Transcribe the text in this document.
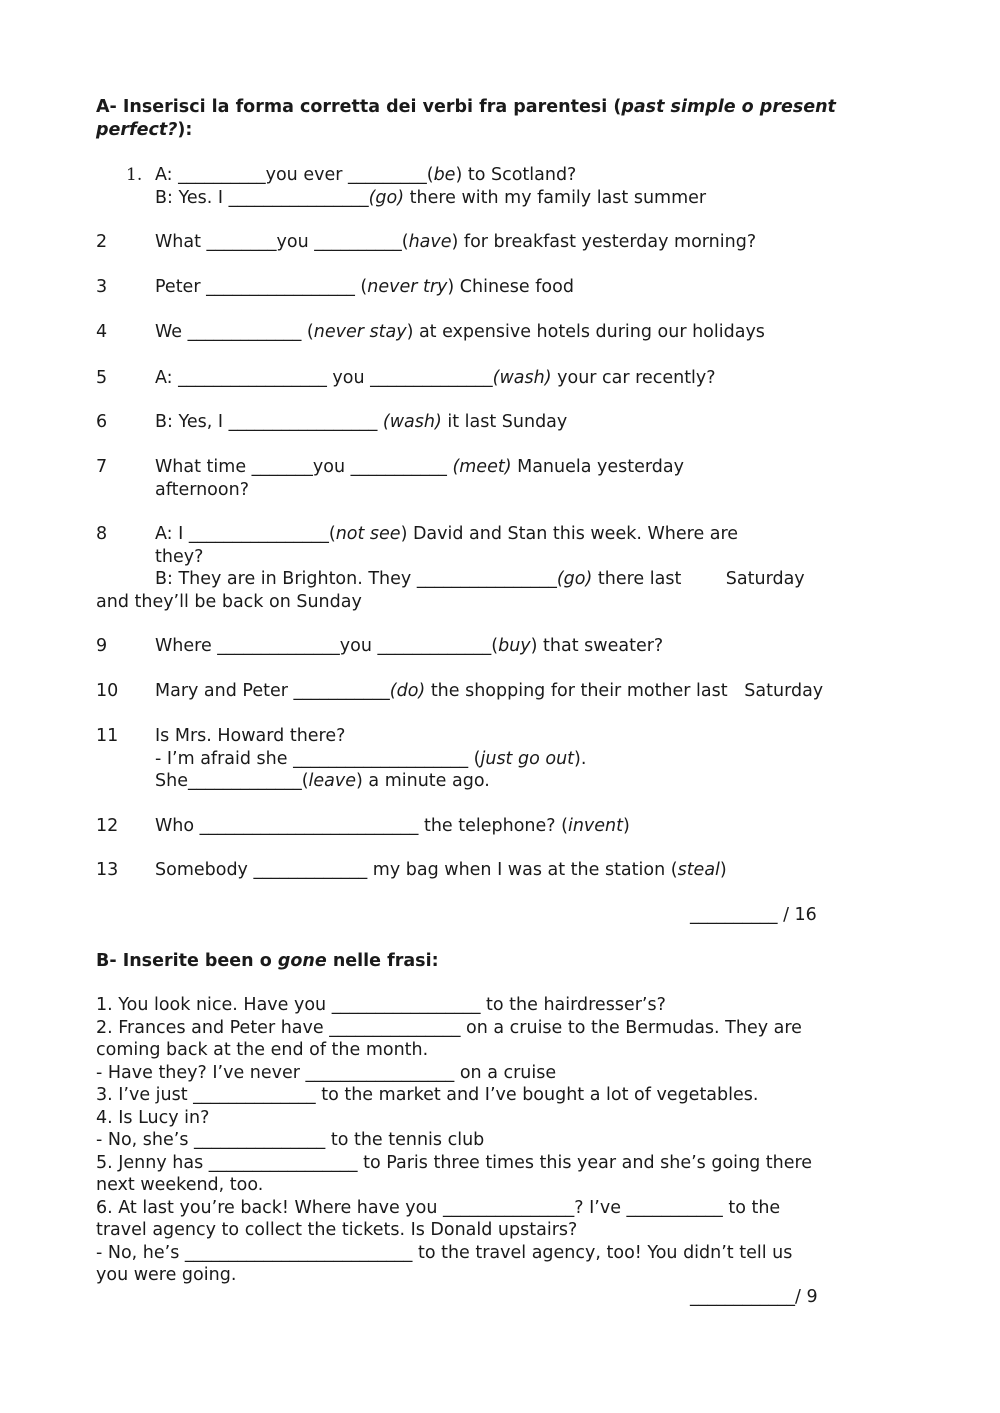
A- Inserisci la forma corretta dei verbi fra parentesi (past simple o present perfect?):
1. A: __________you ever _________(be) to Scotland?
B: Yes. I ________________(go) there with my family last summer
2	What ________you __________(have) for breakfast yesterday morning?
3	Peter _________________ (never try) Chinese food
4	We _____________ (never stay) at expensive hotels during our holidays
5	A: _________________ you ______________(wash) your car recently?
6	B: Yes, I _________________ (wash) it last Sunday
7	What time _______you ___________ (meet) Manuela yesterday
afternoon?
8	A: I ________________(not see) David and Stan this week. Where are
they?
B: They are in Brighton. They ________________(go) there last        Saturday
and they’ll be back on Sunday
9	Where ______________you _____________(buy) that sweater?
10 Mary and Peter ___________(do) the shopping for their mother last   Saturday
11 Is Mrs. Howard there?
- I’m afraid she ____________________ (just go out).
She_____________(leave) a minute ago.
12 Who _________________________ the telephone? (invent)
13 Somebody _____________ my bag when I was at the station (steal)
__________ / 16
B- Inserite been o gone nelle frasi:
1. You look nice. Have you _________________ to the hairdresser’s?
2. Frances and Peter have _______________ on a cruise to the Bermudas. They are
coming back at the end of the month.
- Have they? I’ve never _________________ on a cruise
3. I’ve just ______________ to the market and I’ve bought a lot of vegetables.
4. Is Lucy in?
- No, she’s _______________ to the tennis club
5. Jenny has _________________ to Paris three times this year and she’s going there
next weekend, too.
6. At last you’re back! Where have you _______________? I’ve ___________ to the
travel agency to collect the tickets. Is Donald upstairs?
- No, he’s __________________________ to the travel agency, too! You didn’t tell us
you were going.
____________/ 9
